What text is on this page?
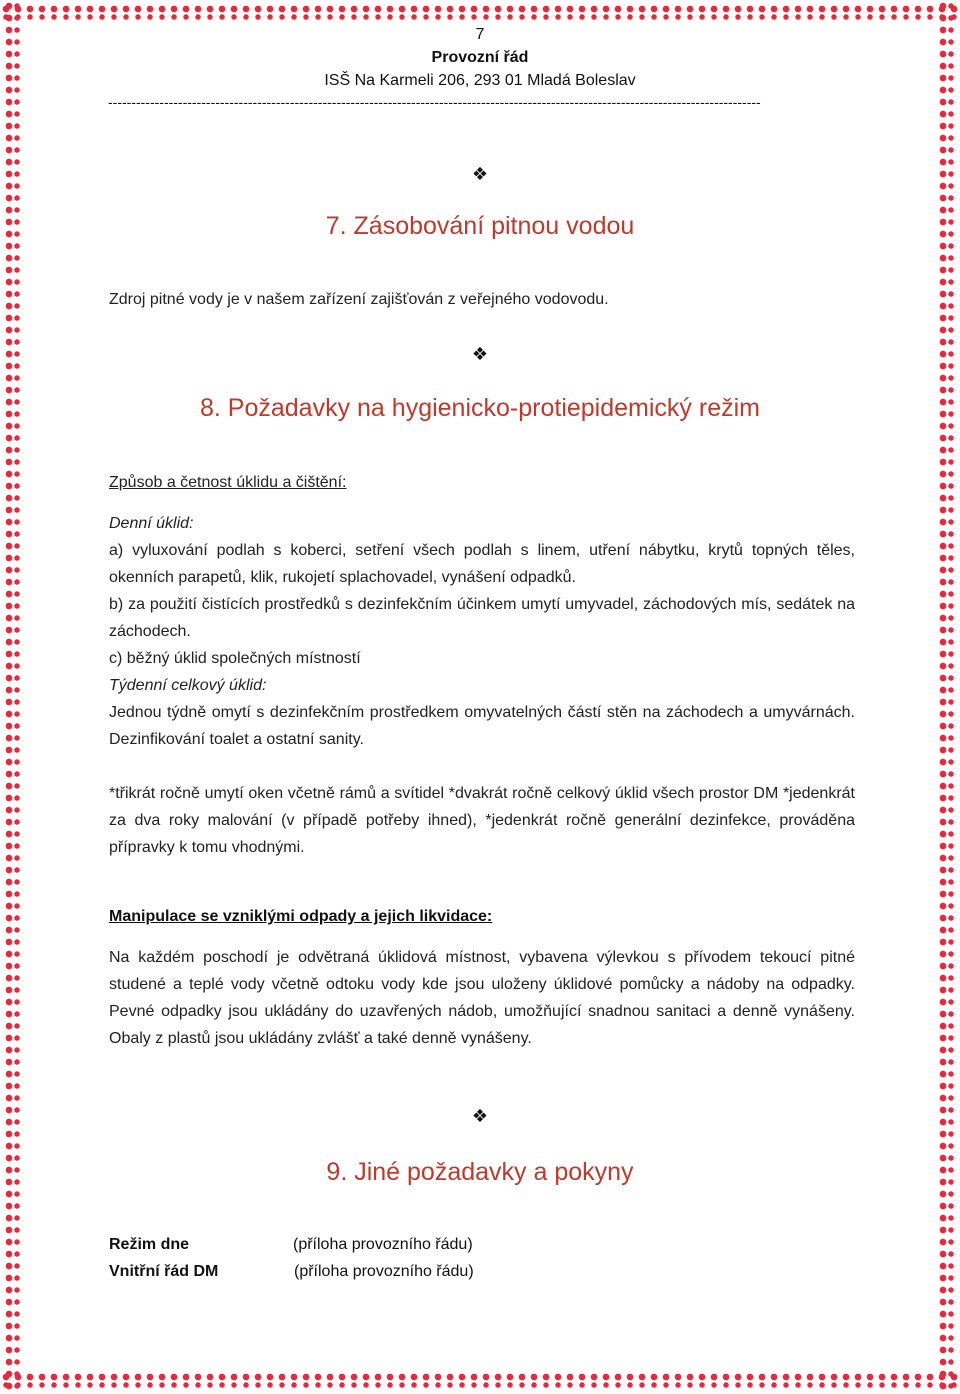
7
Provozní řád
ISŠ Na Karmeli 206, 293 01 Mladá Boleslav
--------------------------------------------------------------------------------------------------------------------------------------------
❖
7. Zásobování pitnou vodou

Zdroj pitné vody je v našem zařízení zajišťován z veřejného vodovodu.

❖
8. Požadavky na hygienicko-protiepidemický režim

Způsob a četnost úklidu a čištění:

Denní úklid:

a) vyluxování podlah s koberci, setření všech podlah s linem, utření nábytku, krytů topných těles, okenních parapetů, klik, rukojetí splachovadel, vynášení odpadků.

b) za použití čistících prostředků s dezinfekčním účinkem umytí umyvadel, záchodových mís, sedátek na záchodech.

c) běžný úklid společných místností

Týdenní celkový úklid:

Jednou týdně omytí s dezinfekčním prostředkem omyvatelných částí stěn na záchodech a umyvárnách. Dezinfikování toalet a ostatní sanity.

*třikrát ročně umytí oken včetně rámů a svítidel *dvakrát ročně celkový úklid všech prostor DM *jedenkrát za dva roky malování (v případě potřeby ihned), *jedenkrát ročně generální dezinfekce, prováděna přípravky k tomu vhodnými.

Manipulace se vzniklými odpady a jejich likvidace:

Na každém poschodí je odvětraná úklidová místnost, vybavena výlevkou s přívodem tekoucí pitné studené a teplé vody včetně odtoku vody kde jsou uloženy úklidové pomůcky a nádoby na odpadky. Pevné odpadky jsou ukládány do uzavřených nádob, umožňující snadnou sanitaci a denně vynášeny. Obaly z plastů jsou ukládány zvlášť a také denně vynášeny.

❖
9. Jiné požadavky a pokyny
Režim dne	(příloha provozního řádu)
Vnitřní řád DM	(příloha provozního řádu)
